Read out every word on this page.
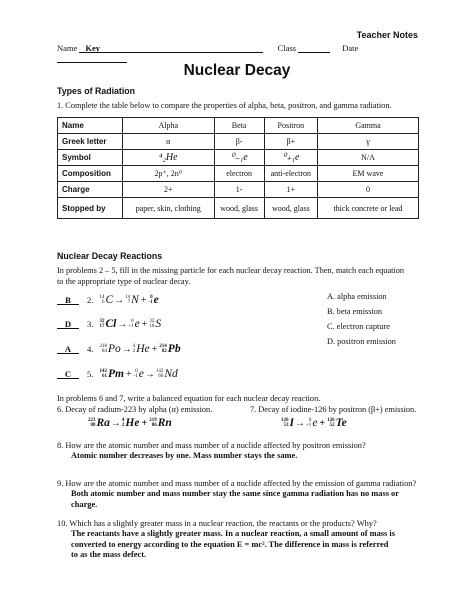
Teacher Notes
Name Key	Class	Date
Nuclear Decay
Types of Radiation
1. Complete the table below to compare the properties of alpha, beta, positron, and gamma radiation.
Name	Alpha	Beta	Positron	Gamma
Greek letter	α	β-	β+	γ
Symbol	⁴₂He	⁰₋₁e	⁰₊₁e	N/A
Composition	2p⁺, 2n⁰	electron	anti-electron	EM wave
Charge	2+	1-	1+	0
Stopped by	paper, skin, clothing	wood, glass	wood, glass	thick concrete or lead
Nuclear Decay Reactions
In problems 2 – 5, fill in the missing particle for each nuclear decay reaction. Then, match each equation
to the appropriate type of nuclear decay.
B	2. 14
6 C → 14
7 N + 0
-1 e
D	3. 32
17 Cl → 0
+1 e + 32
16 S
A	4. 218
84 Po → 4
2 He + 214
82 Pb
C	5. 142
61 Pm + 0
-1 e → 142
60 Nd
A. alpha emission
B. beta emission
C. electron capture
D. positron emission
In problems 6 and 7, write a balanced equation for each nuclear decay reaction.
6. Decay of radium-223 by alpha (α) emission.	7. Decay of iodine-126 by positron (β+) emission.
223
88 Ra → 4
2 He + 219
86 Rn	126
53 I → 0
+1 e + 126
52 Te
8. How are the atomic number and mass number of a nuclide affected by positron emission?
Atomic number decreases by one. Mass number stays the same.
9. How are the atomic number and mass number of a nuclide affected by the emission of gamma radiation?
Both atomic number and mass number stay the same since gamma radiation has no mass or
charge.
10. Which has a slightly greater mass in a nuclear reaction, the reactants or the products? Why?
The reactants have a slightly greater mass. In a nuclear reaction, a small amount of mass is
converted to energy according to the equation E = mc². The difference in mass is referred
to as the mass defect.
